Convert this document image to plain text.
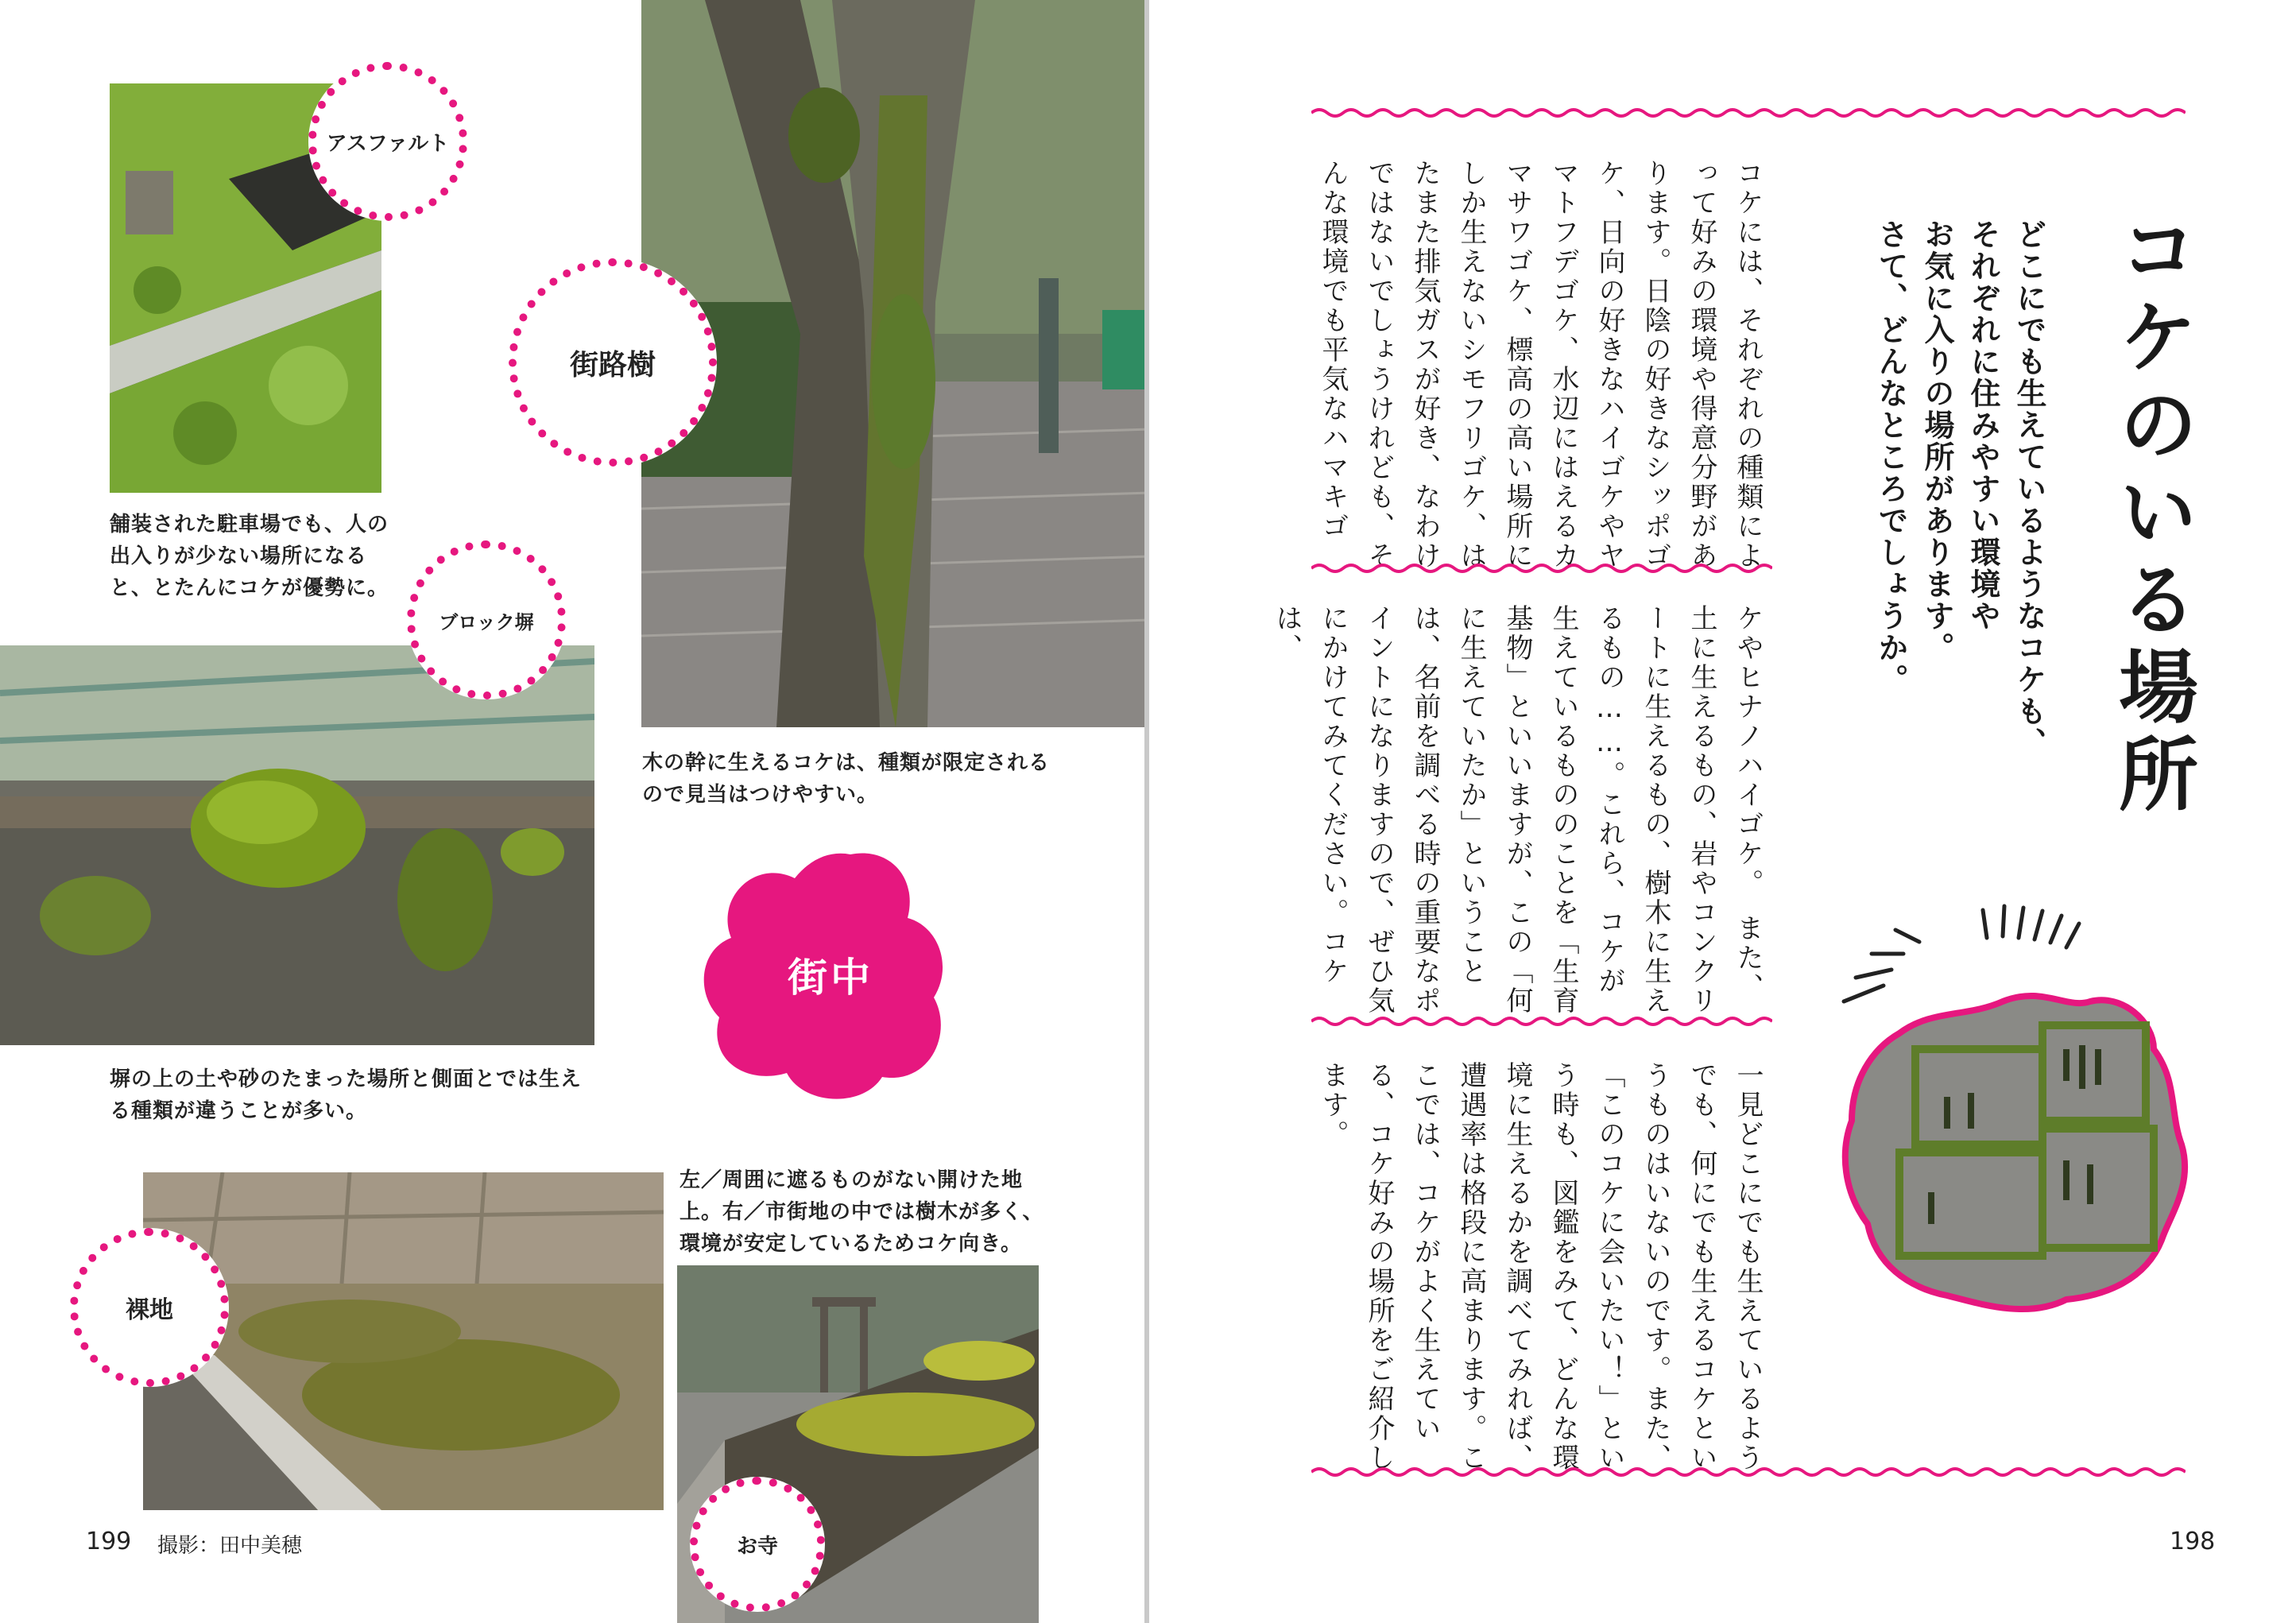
アスファルト

舗装された駐車場でも、人の出入りが少ない場所になると、とたんにコケが優勢に。

街路樹

木の幹に生えるコケは、種類が限定されるので見当はつけやすい。

ブロック塀

塀の上の土や砂のたまった場所と側面とでは生える種類が違うことが多い。

街中
裸地

左／周囲に遮るものがない開けた地上。右／市街地の中では樹木が多く、環境が安定しているためコケ向き。

お寺
199 撮影：田中美穂
コケのいる場所
どこにでも生えているようなコケも、
それぞれに住みやすい環境や
お気に入りの場所があります。
さて、どんなところでしょうか。

コケには、それぞれの種類によって好みの環境や得意分野があります。日陰の好きなシッポゴケ、日向の好きなハイゴケやヤマトフデゴケ、水辺にはえるカマサワゴケ、標高の高い場所にしか生えないシモフリゴケ、はたまた排気ガスが好き、なわけではないでしょうけれども、そんな環境でも平気なハマキゴ

ケやヒナノハイゴケ。　また、土に生えるもの、岩やコンクリートに生えるもの、樹木に生えるもの……。これら、コケが生えているもののことを「生育基物」といいますが、この「何に生えていたか」ということは、名前を調べる時の重要なポイントになりますので、ぜひ気にかけてみてください。コケは、

一見どこにでも生えているようでも、何にでも生えるコケというものはいないのです。また、「このコケに会いたい！」という時も、図鑑をみて、どんな環境に生えるかを調べてみれば、遭遇率は格段に高まります。ここでは、コケがよく生えている、コケ好みの場所をご紹介します。

198
